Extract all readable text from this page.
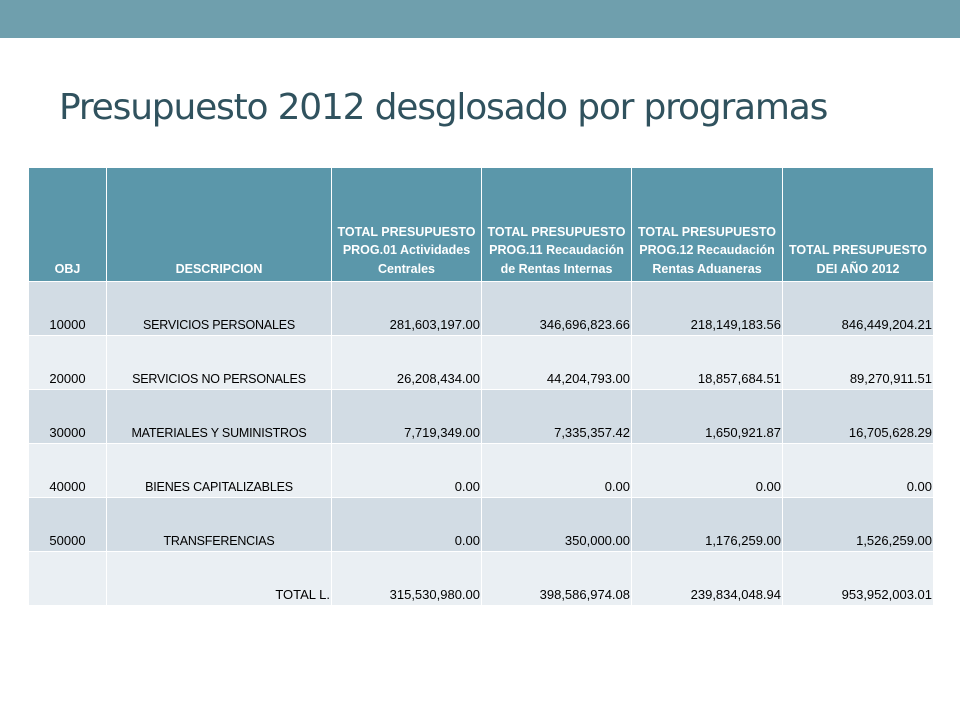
Presupuesto 2012 desglosado por programas
OBJ	DESCRIPCION	TOTAL PRESUPUESTO PROG.01 Actividades Centrales	TOTAL PRESUPUESTO PROG.11 Recaudación de Rentas Internas	TOTAL PRESUPUESTO PROG.12 Recaudación Rentas Aduaneras	TOTAL PRESUPUESTO DEI AÑO 2012
10000	SERVICIOS PERSONALES	281,603,197.00	346,696,823.66	218,149,183.56	846,449,204.21
20000	SERVICIOS NO PERSONALES	26,208,434.00	44,204,793.00	18,857,684.51	89,270,911.51
30000	MATERIALES Y SUMINISTROS	7,719,349.00	7,335,357.42	1,650,921.87	16,705,628.29
40000	BIENES CAPITALIZABLES	0.00	0.00	0.00	0.00
50000	TRANSFERENCIAS	0.00	350,000.00	1,176,259.00	1,526,259.00
	TOTAL L.	315,530,980.00	398,586,974.08	239,834,048.94	953,952,003.01
